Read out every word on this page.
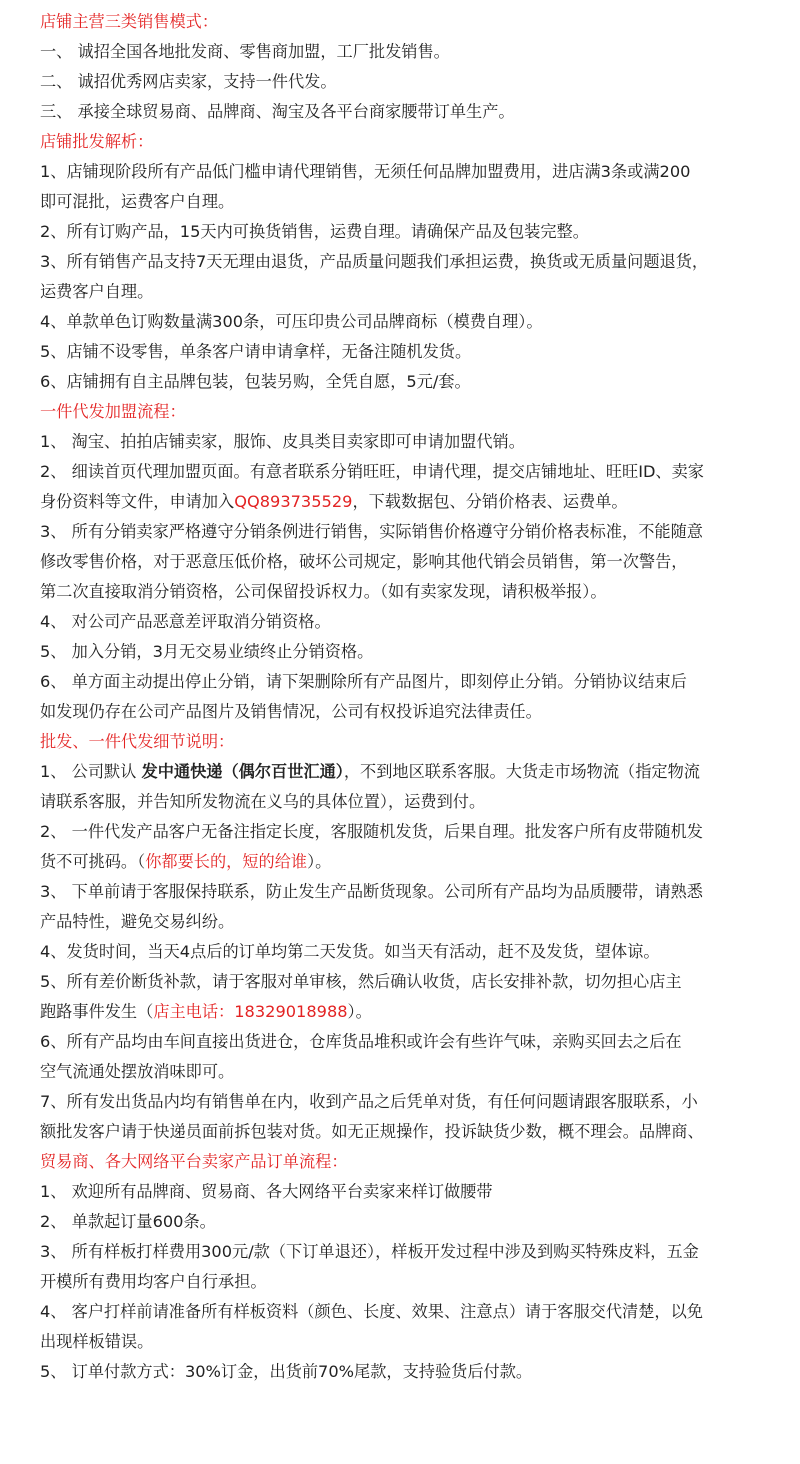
店铺主营三类销售模式：
一、 诚招全国各地批发商、零售商加盟，工厂批发销售。
二、 诚招优秀网店卖家，支持一件代发。
三、 承接全球贸易商、品牌商、淘宝及各平台商家腰带订单生产。
店铺批发解析：
1、店铺现阶段所有产品低门槛申请代理销售，无须任何品牌加盟费用，进店满3条或满200
即可混批，运费客户自理。
2、所有订购产品，15天内可换货销售，运费自理。请确保产品及包装完整。
3、所有销售产品支持7天无理由退货，产品质量问题我们承担运费，换货或无质量问题退货，
运费客户自理。
4、单款单色订购数量满300条，可压印贵公司品牌商标（模费自理）。
5、店铺不设零售，单条客户请申请拿样，无备注随机发货。
6、店铺拥有自主品牌包装，包装另购，全凭自愿，5元/套。
一件代发加盟流程：
1、 淘宝、拍拍店铺卖家，服饰、皮具类目卖家即可申请加盟代销。
2、 细读首页代理加盟页面。有意者联系分销旺旺，申请代理，提交店铺地址、旺旺ID、卖家
身份资料等文件，申请加入QQ893735529，下载数据包、分销价格表、运费单。
3、 所有分销卖家严格遵守分销条例进行销售，实际销售价格遵守分销价格表标准，不能随意
修改零售价格，对于恶意压低价格，破坏公司规定，影响其他代销会员销售，第一次警告，
第二次直接取消分销资格，公司保留投诉权力。（如有卖家发现，请积极举报）。
4、 对公司产品恶意差评取消分销资格。
5、 加入分销，3月无交易业绩终止分销资格。
6、 单方面主动提出停止分销，请下架删除所有产品图片，即刻停止分销。分销协议结束后
如发现仍存在公司产品图片及销售情况，公司有权投诉追究法律责任。
批发、一件代发细节说明：
1、 公司默认 发中通快递（偶尔百世汇通），不到地区联系客服。大货走市场物流（指定物流
请联系客服，并告知所发物流在义乌的具体位置），运费到付。
2、 一件代发产品客户无备注指定长度，客服随机发货，后果自理。批发客户所有皮带随机发
货不可挑码。（你都要长的，短的给谁）。
3、 下单前请于客服保持联系，防止发生产品断货现象。公司所有产品均为品质腰带，请熟悉
产品特性，避免交易纠纷。
4、发货时间，当天4点后的订单均第二天发货。如当天有活动，赶不及发货，望体谅。
5、所有差价断货补款，请于客服对单审核，然后确认收货，店长安排补款，切勿担心店主
跑路事件发生（店主电话：18329018988）。
6、所有产品均由车间直接出货进仓，仓库货品堆积或许会有些许气味，亲购买回去之后在
空气流通处摆放消味即可。
7、所有发出货品内均有销售单在内，收到产品之后凭单对货，有任何问题请跟客服联系，小
额批发客户请于快递员面前拆包装对货。如无正规操作，投诉缺货少数，概不理会。品牌商、
贸易商、各大网络平台卖家产品订单流程：
1、 欢迎所有品牌商、贸易商、各大网络平台卖家来样订做腰带
2、 单款起订量600条。
3、 所有样板打样费用300元/款（下订单退还），样板开发过程中涉及到购买特殊皮料，五金
开模所有费用均客户自行承担。
4、 客户打样前请准备所有样板资料（颜色、长度、效果、注意点）请于客服交代清楚，以免
出现样板错误。
5、 订单付款方式：30%订金，出货前70%尾款，支持验货后付款。
